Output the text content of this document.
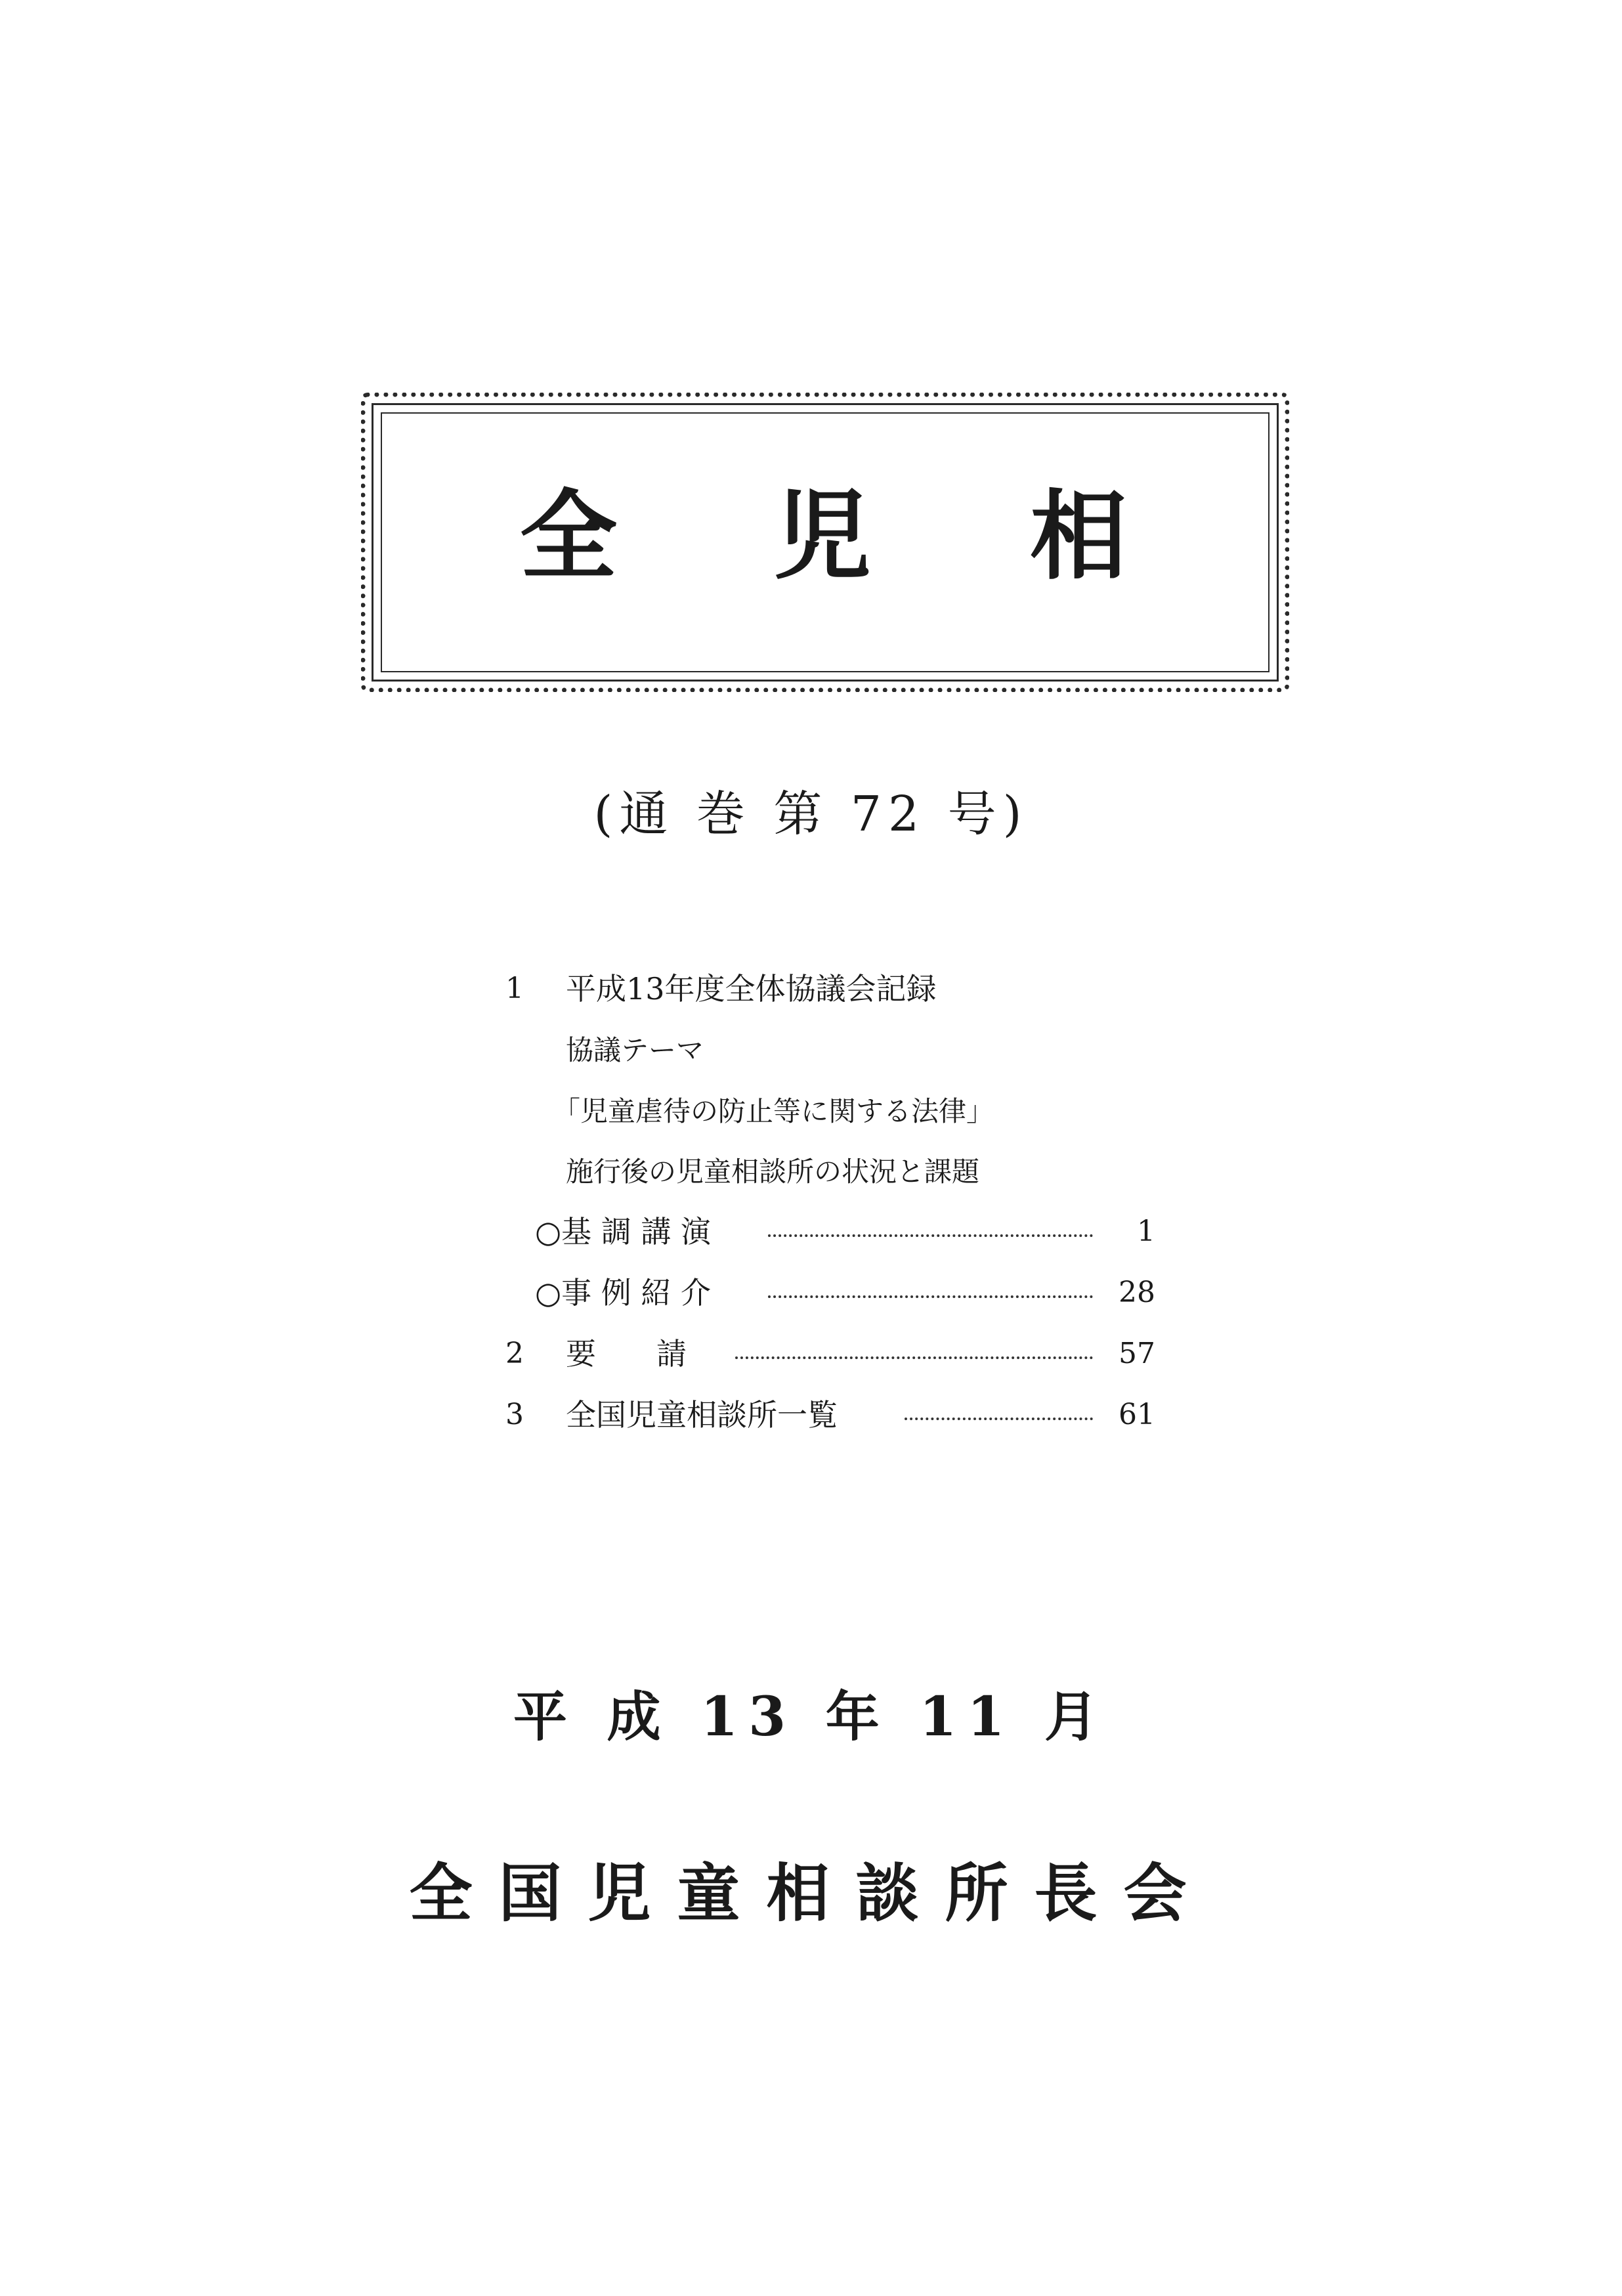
全 児 相
(通 巻 第 72 号)
1 平成13年度全体協議会記録
協議テーマ
「児童虐待の防止等に関する法律」
施行後の児童相談所の状況と課題
○基 調 講 演	1
○事 例 紹 介	28
2 要　　請	57
3 全国児童相談所一覧	61
平 成 13 年 11 月
全国児童相談所長会
